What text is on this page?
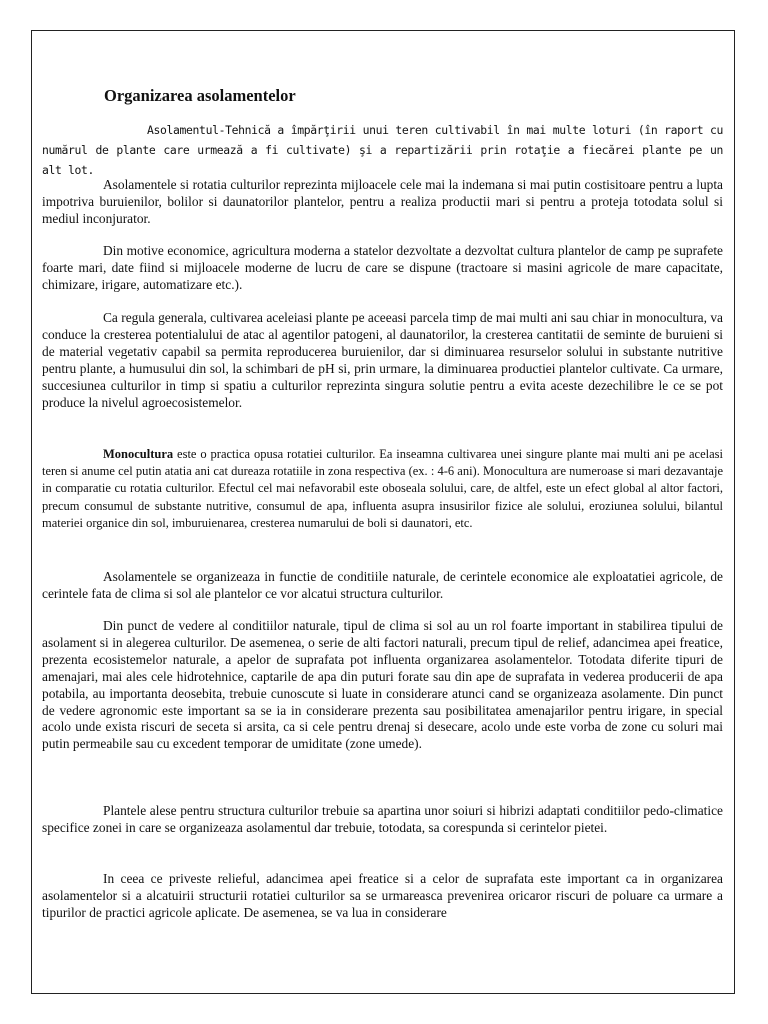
Organizarea asolamentelor

Asolamentul-Tehnică a împărţirii unui teren cultivabil în mai multe loturi (în raport cu numărul de plante care urmează a fi cultivate) şi a repartizării prin rotaţie a fiecărei plante pe un alt lot.

Asolamentele si rotatia culturilor reprezinta mijloacele cele mai la indemana si mai putin costisitoare pentru a lupta impotriva buruienilor, bolilor si daunatorilor plantelor, pentru a realiza productii mari si pentru a proteja totodata solul si mediul inconjurator.

Din motive economice, agricultura moderna a statelor dezvoltate a dezvoltat cultura plantelor de camp pe suprafete foarte mari, date fiind si mijloacele moderne de lucru de care se dispune (tractoare si masini agricole de mare capacitate, chimizare, irigare, automatizare etc.).

Ca regula generala, cultivarea aceleiasi plante pe aceeasi parcela timp de mai multi ani sau chiar in monocultura, va conduce la cresterea potentialului de atac al agentilor patogeni, al daunatorilor, la cresterea cantitatii de seminte de buruieni si de material vegetativ capabil sa permita reproducerea buruienilor, dar si diminuarea resurselor solului in substante nutritive pentru plante, a humusului din sol, la schimbari de pH si, prin urmare, la diminuarea productiei plantelor cultivate. Ca urmare, succesiunea culturilor in timp si spatiu a culturilor reprezinta singura solutie pentru a evita aceste dezechilibre le ce se pot produce la nivelul agroecosistemelor.

Monocultura este o practica opusa rotatiei culturilor. Ea inseamna cultivarea unei singure plante mai multi ani pe acelasi teren si anume cel putin atatia ani cat dureaza rotatiile in zona respectiva (ex. : 4-6 ani). Monocultura are numeroase si mari dezavantaje in comparatie cu rotatia culturilor. Efectul cel mai nefavorabil este oboseala solului, care, de altfel, este un efect global al altor factori, precum consumul de substante nutritive, consumul de apa, influenta asupra insusirilor fizice ale solului, eroziunea solului, bilantul materiei organice din sol, imburuienarea, cresterea numarului de boli si daunatori, etc.

Asolamentele se organizeaza in functie de conditiile naturale, de cerintele economice ale exploatatiei agricole, de cerintele fata de clima si sol ale plantelor ce vor alcatui structura culturilor.

Din punct de vedere al conditiilor naturale, tipul de clima si sol au un rol foarte important in stabilirea tipului de asolament si in alegerea culturilor. De asemenea, o serie de alti factori naturali, precum tipul de relief, adancimea apei freatice, prezenta ecosistemelor naturale, a apelor de suprafata pot influenta organizarea asolamentelor. Totodata diferite tipuri de amenajari, mai ales cele hidrotehnice, captarile de apa din puturi forate sau din ape de suprafata in vederea producerii de apa potabila, au importanta deosebita, trebuie cunoscute si luate in considerare atunci cand se organizeaza asolamente. Din punct de vedere agronomic este important sa se ia in considerare prezenta sau posibilitatea amenajarilor pentru irigare, in special acolo unde exista riscuri de seceta si arsita, ca si cele pentru drenaj si desecare, acolo unde este vorba de zone cu soluri mai putin permeabile sau cu excedent temporar de umiditate (zone umede).

Plantele alese pentru structura culturilor trebuie sa apartina unor soiuri si hibrizi adaptati conditiilor pedo-climatice specifice zonei in care se organizeaza asolamentul dar trebuie, totodata, sa corespunda si cerintelor pietei.

In ceea ce priveste relieful, adancimea apei freatice si a celor de suprafata este important ca in organizarea asolamentelor si a alcatuirii structurii rotatiei culturilor sa se urmareasca prevenirea oricaror riscuri de poluare ca urmare a tipurilor de practici agricole aplicate. De asemenea, se va lua in considerare
